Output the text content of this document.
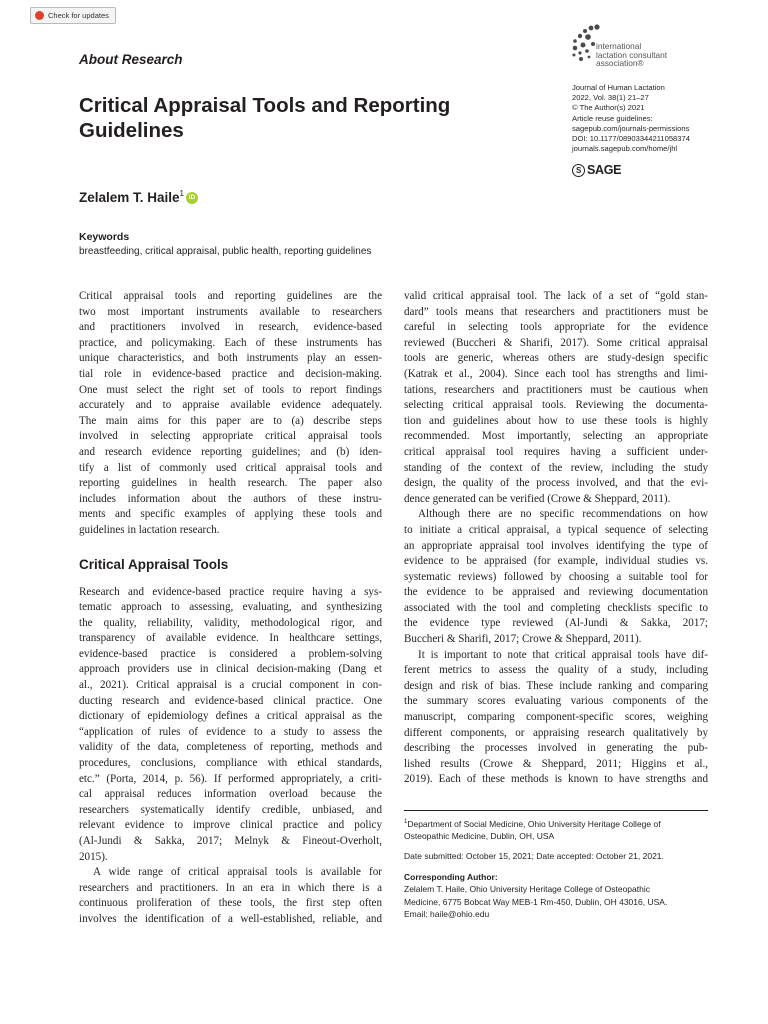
Check for updates
About Research
Critical Appraisal Tools and Reporting
Guidelines
international
lactation consultant
association®
Journal of Human Lactation
2022, Vol. 38(1) 21–27
© The Author(s) 2021
Article reuse guidelines:
sagepub.com/journals-permissions
DOI: 10.1177/08903344211058374
journals.sagepub.com/home/jhl
S SAGE
Zelalem T. Haile$^1$ iD
Keywords
breastfeeding, critical appraisal, public health, reporting guidelines
Critical appraisal tools and reporting guidelines are the
two most important instruments available to researchers
and practitioners involved in research, evidence-based
practice, and policymaking. Each of these instruments has
unique characteristics, and both instruments play an essen-
tial role in evidence-based practice and decision-making.
One must select the right set of tools to report findings
accurately and to appraise available evidence adequately.
The main aims for this paper are to (a) describe steps
involved in selecting appropriate critical appraisal tools
and research evidence reporting guidelines; and (b) iden-
tify a list of commonly used critical appraisal tools and
reporting guidelines in health research. The paper also
includes information about the authors of these instru-
ments and specific examples of applying these tools and
guidelines in lactation research.
Research and evidence-based practice require having a sys-
tematic approach to assessing, evaluating, and synthesizing
the quality, reliability, validity, methodological rigor, and
transparency of available evidence. In healthcare settings,
evidence-based practice is considered a problem-solving
approach providers use in clinical decision-making (Dang et
al., 2021). Critical appraisal is a crucial component in con-
ducting research and evidence-based clinical practice. One
dictionary of epidemiology defines a critical appraisal as the
“application of rules of evidence to a study to assess the
validity of the data, completeness of reporting, methods and
procedures, conclusions, compliance with ethical standards,
etc.” (Porta, 2014, p. 56). If performed appropriately, a criti-
cal appraisal reduces information overload because the
researchers systematically identify credible, unbiased, and
relevant evidence to improve clinical practice and policy
(Al-Jundi & Sakka, 2017; Melnyk & Fineout-Overholt,
2015).
A wide range of critical appraisal tools is available for
researchers and practitioners. In an era in which there is a
continuous proliferation of these tools, the first step often
involves the identification of a well-established, reliable, and
Critical Appraisal Tools
valid critical appraisal tool. The lack of a set of “gold stan-
dard” tools means that researchers and practitioners must be
careful in selecting tools appropriate for the evidence
reviewed (Buccheri & Sharifi, 2017). Some critical appraisal
tools are generic, whereas others are study-design specific
(Katrak et al., 2004). Since each tool has strengths and limi-
tations, researchers and practitioners must be cautious when
selecting critical appraisal tools. Reviewing the documenta-
tion and guidelines about how to use these tools is highly
recommended. Most importantly, selecting an appropriate
critical appraisal tool requires having a sufficient under-
standing of the context of the review, including the study
design, the quality of the process involved, and that the evi-
dence generated can be verified (Crowe & Sheppard, 2011).
Although there are no specific recommendations on how
to initiate a critical appraisal, a typical sequence of selecting
an appropriate appraisal tool involves identifying the type of
evidence to be appraised (for example, individual studies vs.
systematic reviews) followed by choosing a suitable tool for
the evidence to be appraised and reviewing documentation
associated with the tool and completing checklists specific to
the evidence type reviewed (Al-Jundi & Sakka, 2017;
Buccheri & Sharifi, 2017; Crowe & Sheppard, 2011).
It is important to note that critical appraisal tools have dif-
ferent metrics to assess the quality of a study, including
design and risk of bias. These include ranking and comparing
the summary scores evaluating various components of the
manuscript, comparing component-specific scores, weighing
different components, or appraising research qualitatively by
describing the processes involved in generating the pub-
lished results (Crowe & Sheppard, 2011; Higgins et al.,
2019). Each of these methods is known to have strengths and
$^1$Department of Social Medicine, Ohio University Heritage College of
Osteopathic Medicine, Dublin, OH, USA
Date submitted: October 15, 2021; Date accepted: October 21, 2021.
Corresponding Author:
Zelalem T. Haile, Ohio University Heritage College of Osteopathic
Medicine, 6775 Bobcat Way MEB-1 Rm-450, Dublin, OH 43016, USA.
Email: haile@ohio.edu
